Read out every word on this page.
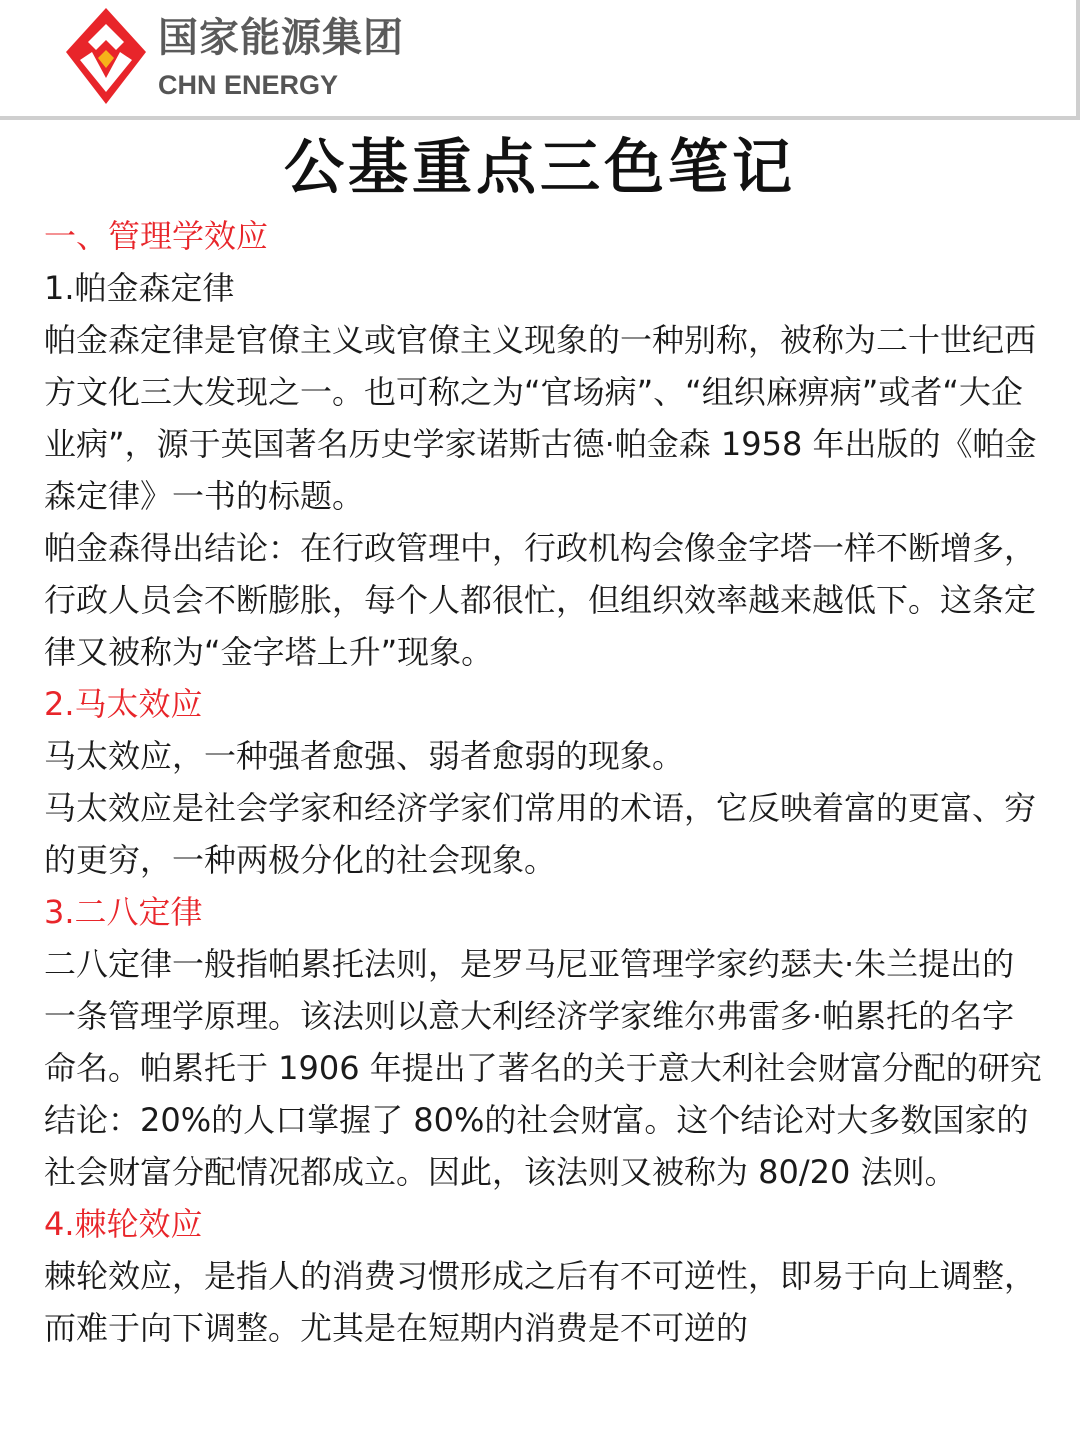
国家能源集团
CHN ENERGY
公基重点三色笔记

一、管理学效应

1.帕金森定律

帕金森定律是官僚主义或官僚主义现象的一种别称，被称为二十世纪西方文化三大发现之一。也可称之为“官场病”、“组织麻痹病”或者“大企业病”，源于英国著名历史学家诺斯古德·帕金森 1958 年出版的《帕金森定律》一书的标题。

帕金森得出结论：在行政管理中，行政机构会像金字塔一样不断增多，行政人员会不断膨胀，每个人都很忙，但组织效率越来越低下。这条定律又被称为“金字塔上升”现象。

2.马太效应

马太效应，一种强者愈强、弱者愈弱的现象。

马太效应是社会学家和经济学家们常用的术语，它反映着富的更富、穷的更穷，一种两极分化的社会现象。

3.二八定律

二八定律一般指帕累托法则，是罗马尼亚管理学家约瑟夫·朱兰提出的一条管理学原理。该法则以意大利经济学家维尔弗雷多·帕累托的名字命名。帕累托于 1906 年提出了著名的关于意大利社会财富分配的研究结论：20%的人口掌握了 80%的社会财富。这个结论对大多数国家的社会财富分配情况都成立。因此，该法则又被称为 80/20 法则。

4.棘轮效应

棘轮效应，是指人的消费习惯形成之后有不可逆性，即易于向上调整，而难于向下调整。尤其是在短期内消费是不可逆的
